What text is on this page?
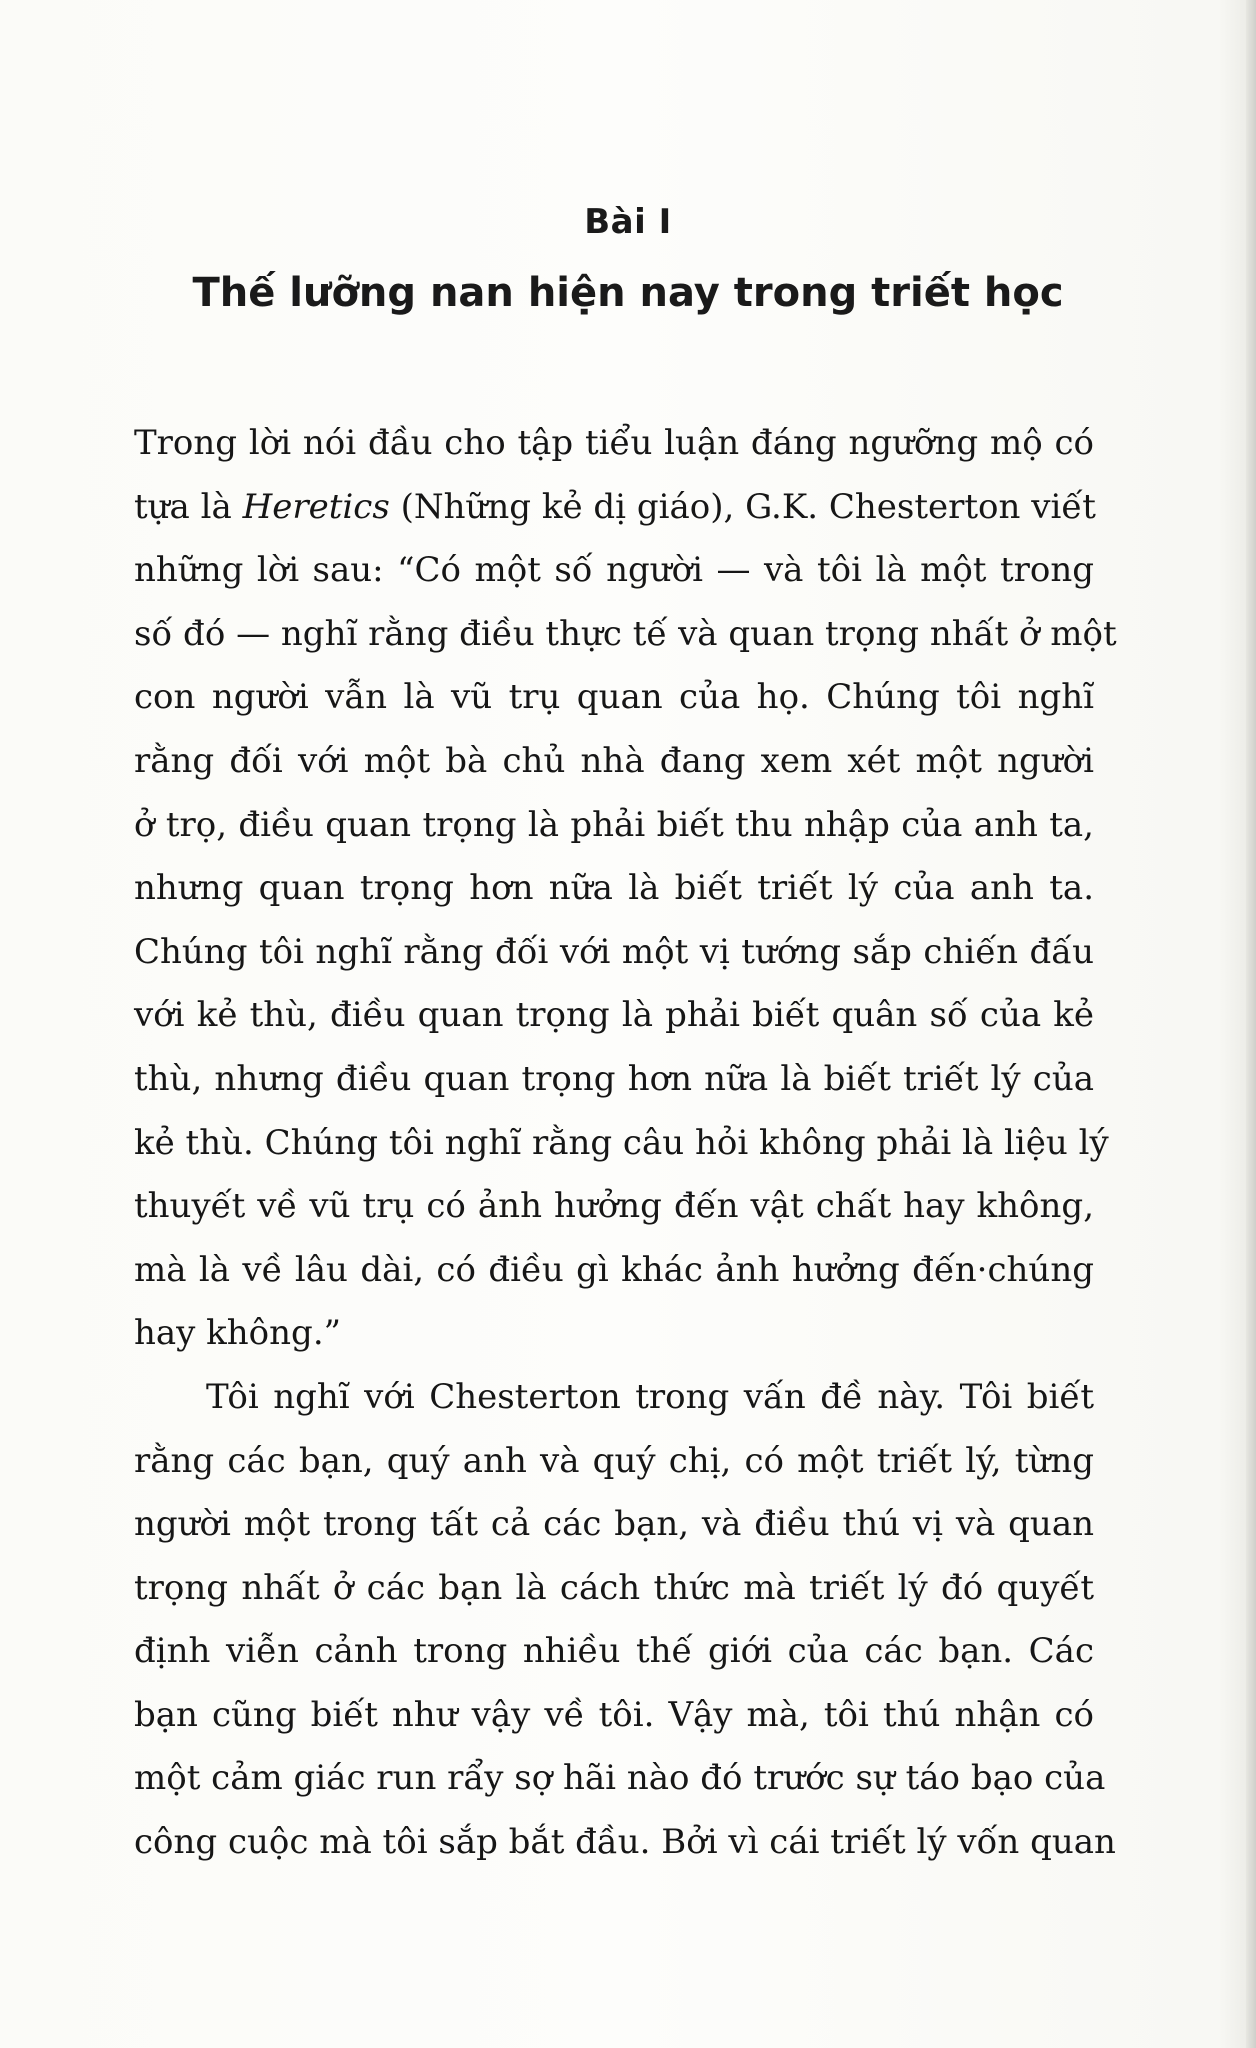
Bài I
Thế lưỡng nan hiện nay trong triết học
Trong lời nói đầu cho tập tiểu luận đáng ngưỡng mộ có
tựa là Heretics (Những kẻ dị giáo), G.K. Chesterton viết
những lời sau: “Có một số người — và tôi là một trong
số đó — nghĩ rằng điều thực tế và quan trọng nhất ở một
con người vẫn là vũ trụ quan của họ. Chúng tôi nghĩ
rằng đối với một bà chủ nhà đang xem xét một người
ở trọ, điều quan trọng là phải biết thu nhập của anh ta,
nhưng quan trọng hơn nữa là biết triết lý của anh ta.
Chúng tôi nghĩ rằng đối với một vị tướng sắp chiến đấu
với kẻ thù, điều quan trọng là phải biết quân số của kẻ
thù, nhưng điều quan trọng hơn nữa là biết triết lý của
kẻ thù. Chúng tôi nghĩ rằng câu hỏi không phải là liệu lý
thuyết về vũ trụ có ảnh hưởng đến vật chất hay không,
mà là về lâu dài, có điều gì khác ảnh hưởng đến·chúng
hay không.”
Tôi nghĩ với Chesterton trong vấn đề này. Tôi biết
rằng các bạn, quý anh và quý chị, có một triết lý, từng
người một trong tất cả các bạn, và điều thú vị và quan
trọng nhất ở các bạn là cách thức mà triết lý đó quyết
định viễn cảnh trong nhiều thế giới của các bạn. Các
bạn cũng biết như vậy về tôi. Vậy mà, tôi thú nhận có
một cảm giác run rẩy sợ hãi nào đó trước sự táo bạo của
công cuộc mà tôi sắp bắt đầu. Bởi vì cái triết lý vốn quan
